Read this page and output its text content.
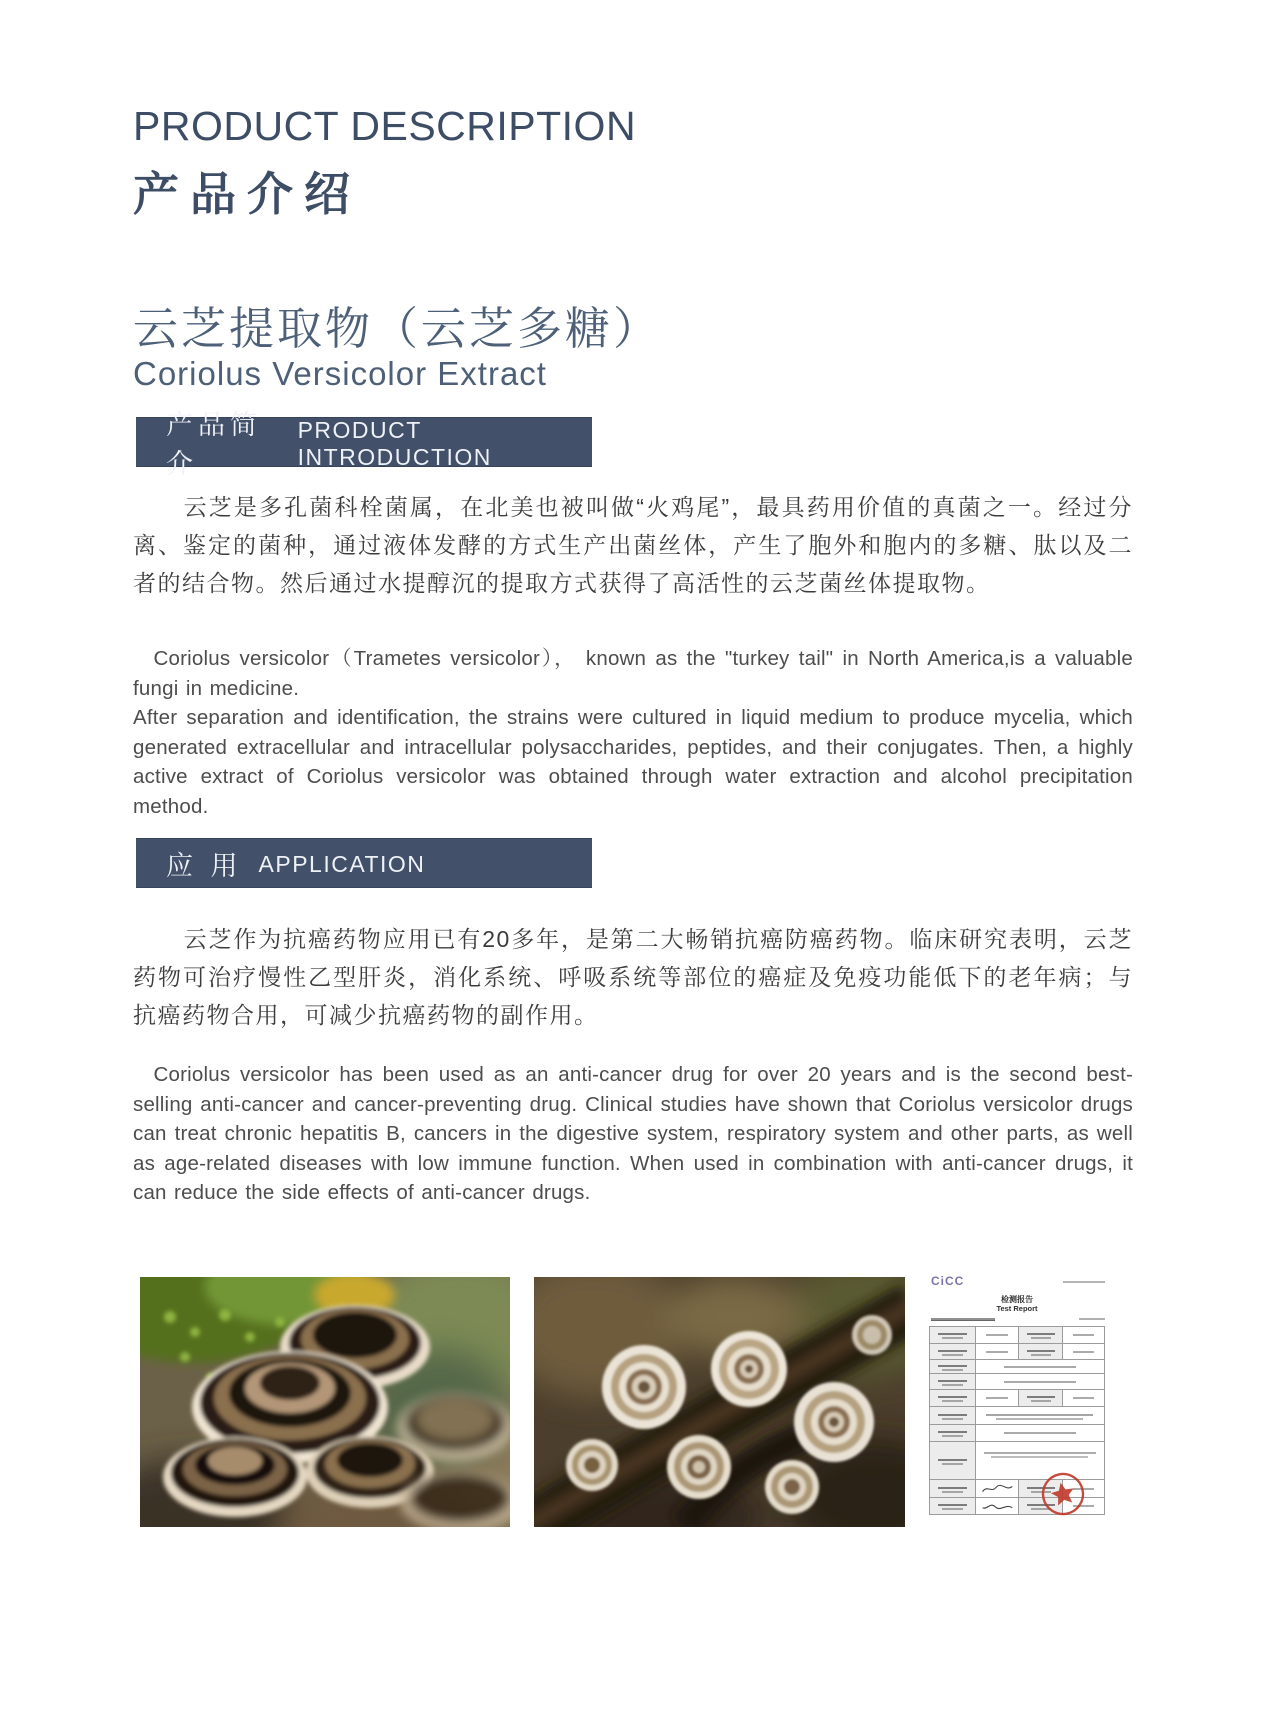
PRODUCT DESCRIPTION
产品介绍
云芝提取物（云芝多糖）
Coriolus Versicolor Extract
产品简介
PRODUCT INTRODUCTION

云芝是多孔菌科栓菌属，在北美也被叫做“火鸡尾”，最具药用价值的真菌之一。经过分离、鉴定的菌种，通过液体发酵的方式生产出菌丝体，产生了胞外和胞内的多糖、肽以及二者的结合物。然后通过水提醇沉的提取方式获得了高活性的云芝菌丝体提取物。

Coriolus versicolor（Trametes versicolor）， known as the "turkey tail" in North America,is a valuable fungi in medicine.

After separation and identification, the strains were cultured in liquid medium to produce mycelia, which generated extracellular and intracellular polysaccharides, peptides, and their conjugates. Then, a highly active extract of Coriolus versicolor was obtained through water extraction and alcohol precipitation method.

应 用 APPLICATION

云芝作为抗癌药物应用已有20多年，是第二大畅销抗癌防癌药物。临床研究表明，云芝药物可治疗慢性乙型肝炎，消化系统、呼吸系统等部位的癌症及免疫功能低下的老年病；与抗癌药物合用，可减少抗癌药物的副作用。

Coriolus versicolor has been used as an anti-cancer drug for over 20 years and is the second best-selling anti-cancer and cancer-preventing drug. Clinical studies have shown that Coriolus versicolor drugs can treat chronic hepatitis B, cancers in the digestive system, respiratory system and other parts, as well as age-related diseases with low immune function. When used in combination with anti-cancer drugs, it can reduce the side effects of anti-cancer drugs.

CiCC
检测报告
Test Report
